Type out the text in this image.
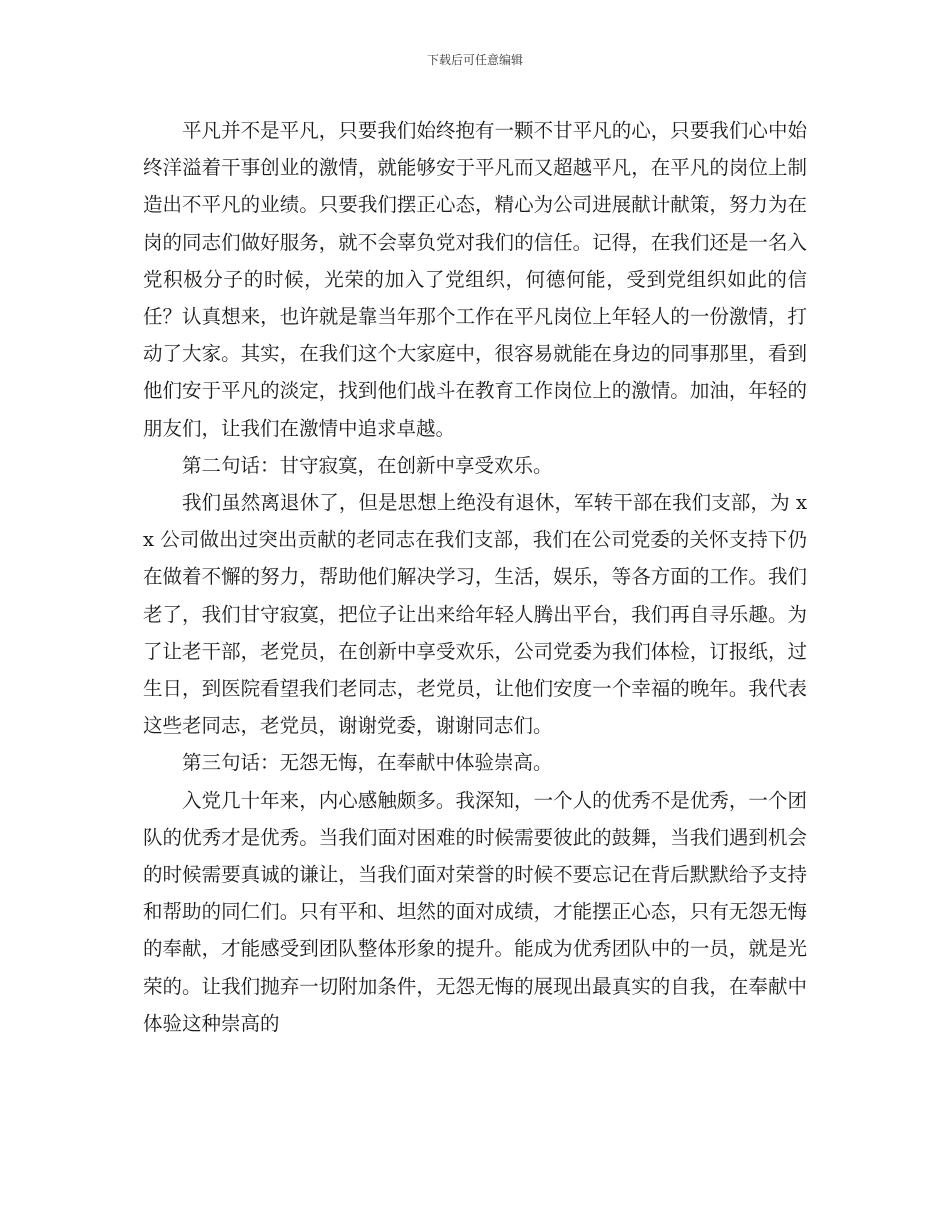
下载后可任意编辑

平凡并不是平凡，只要我们始终抱有一颗不甘平凡的心，只要我们心中始终洋溢着干事创业的激情，就能够安于平凡而又超越平凡，在平凡的岗位上制造出不平凡的业绩。只要我们摆正心态，精心为公司进展献计献策，努力为在岗的同志们做好服务，就不会辜负党对我们的信任。记得，在我们还是一名入党积极分子的时候，光荣的加入了党组织，何德何能，受到党组织如此的信任？认真想来，也许就是靠当年那个工作在平凡岗位上年轻人的一份激情，打动了大家。其实，在我们这个大家庭中，很容易就能在身边的同事那里，看到他们安于平凡的淡定，找到他们战斗在教育工作岗位上的激情。加油，年轻的朋友们，让我们在激情中追求卓越。

第二句话：甘守寂寞，在创新中享受欢乐。

我们虽然离退休了，但是思想上绝没有退休，军转干部在我们支部，为 xx 公司做出过突出贡献的老同志在我们支部，我们在公司党委的关怀支持下仍在做着不懈的努力，帮助他们解决学习，生活，娱乐，等各方面的工作。我们老了，我们甘守寂寞，把位子让出来给年轻人腾出平台，我们再自寻乐趣。为了让老干部，老党员，在创新中享受欢乐，公司党委为我们体检，订报纸，过生日，到医院看望我们老同志，老党员，让他们安度一个幸福的晚年。我代表这些老同志，老党员，谢谢党委，谢谢同志们。

第三句话：无怨无悔，在奉献中体验崇高。

入党几十年来，内心感触颇多。我深知，一个人的优秀不是优秀，一个团队的优秀才是优秀。当我们面对困难的时候需要彼此的鼓舞，当我们遇到机会的时候需要真诚的谦让，当我们面对荣誉的时候不要忘记在背后默默给予支持和帮助的同仁们。只有平和、坦然的面对成绩，才能摆正心态，只有无怨无悔的奉献，才能感受到团队整体形象的提升。能成为优秀团队中的一员，就是光荣的。让我们抛弃一切附加条件，无怨无悔的展现出最真实的自我，在奉献中体验这种崇高的
